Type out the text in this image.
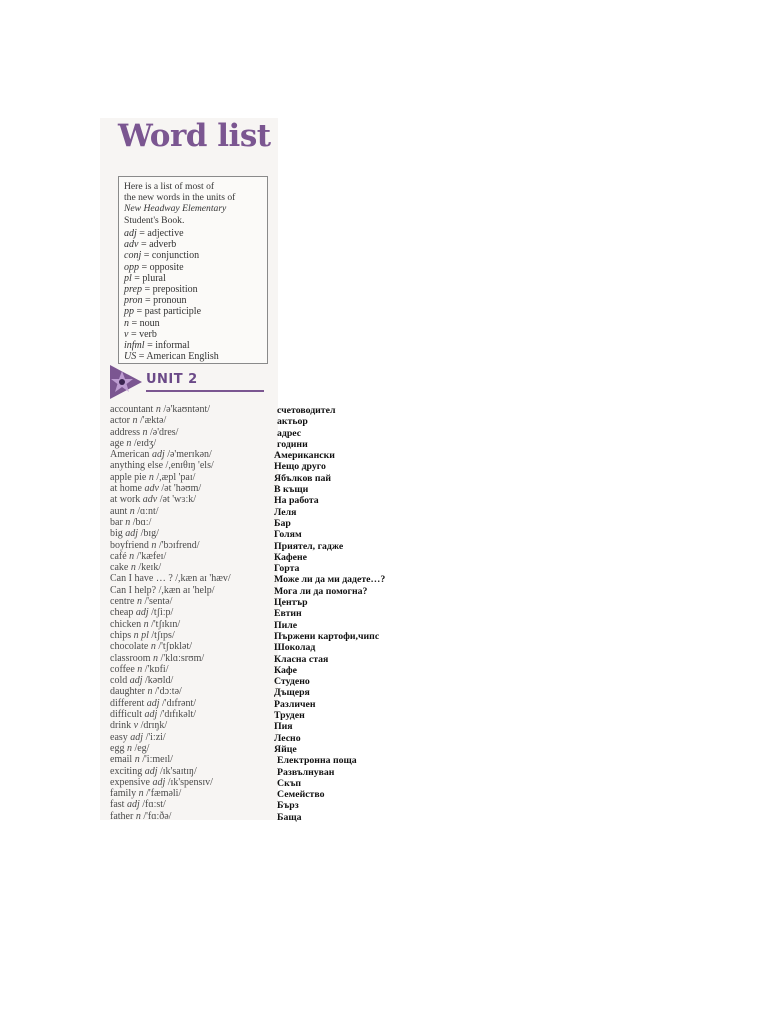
Word list
Here is a list of most of
the new words in the units of
New Headway Elementary
Student's Book.
adj = adjective
adv = adverb
conj = conjunction
opp = opposite
pl = plural
prep = preposition
pron = pronoun
pp = past participle
n = noun
v = verb
infml = informal
US = American English
UNIT 2
accountant n /ə'kaʊntənt/
actor n /'æktə/
address n /ə'dres/
age n /eɪdʒ/
American adj /ə'merɪkən/
anything else /,enɪθɪŋ 'els/
apple pie n /,æpl 'paɪ/
at home adv /ət 'həʊm/
at work adv /ət 'wɜːk/
aunt n /ɑːnt/
bar n /bɑː/
big adj /bɪg/
boyfriend n /'bɔɪfrend/
café n /'kæfeɪ/
cake n /keɪk/
Can I have … ? /,kæn aɪ 'hæv/
Can I help? /,kæn aɪ 'help/
centre n /'sentə/
cheap adj /tʃiːp/
chicken n /'tʃɪkɪn/
chips n pl /tʃɪps/
chocolate n /'tʃɒklət/
classroom n /'klɑːsrʊm/
coffee n /'kɒfi/
cold adj /kəʊld/
daughter n /'dɔːtə/
different adj /'dɪfrənt/
difficult adj /'dɪfɪkəlt/
drink v /drɪŋk/
easy adj /'iːzi/
egg n /eg/
email n /'iːmeɪl/
exciting adj /ɪk'saɪtɪŋ/
expensive adj /ɪk'spensɪv/
family n /'fæməli/
fast adj /fɑːst/
father n /'fɑːðə/
счетоводител
актьор
адрес
години
Американски
Нещо друго
Ябълков пай
В къщи
На работа
Леля
Бар
Голям
Приятел, гадже
Кафене
Горта
Може ли да ми дадете…?
Мога ли да помогна?
Център
Евтин
Пиле
Пържени картофи,чипс
Шоколад
Класна стая
Кафе
Студено
Дъщеря
Различен
Труден
Пия
Лесно
Яйце
Електронна поща
Развълнуван
Скъп
Семейство
Бърз
Баща
